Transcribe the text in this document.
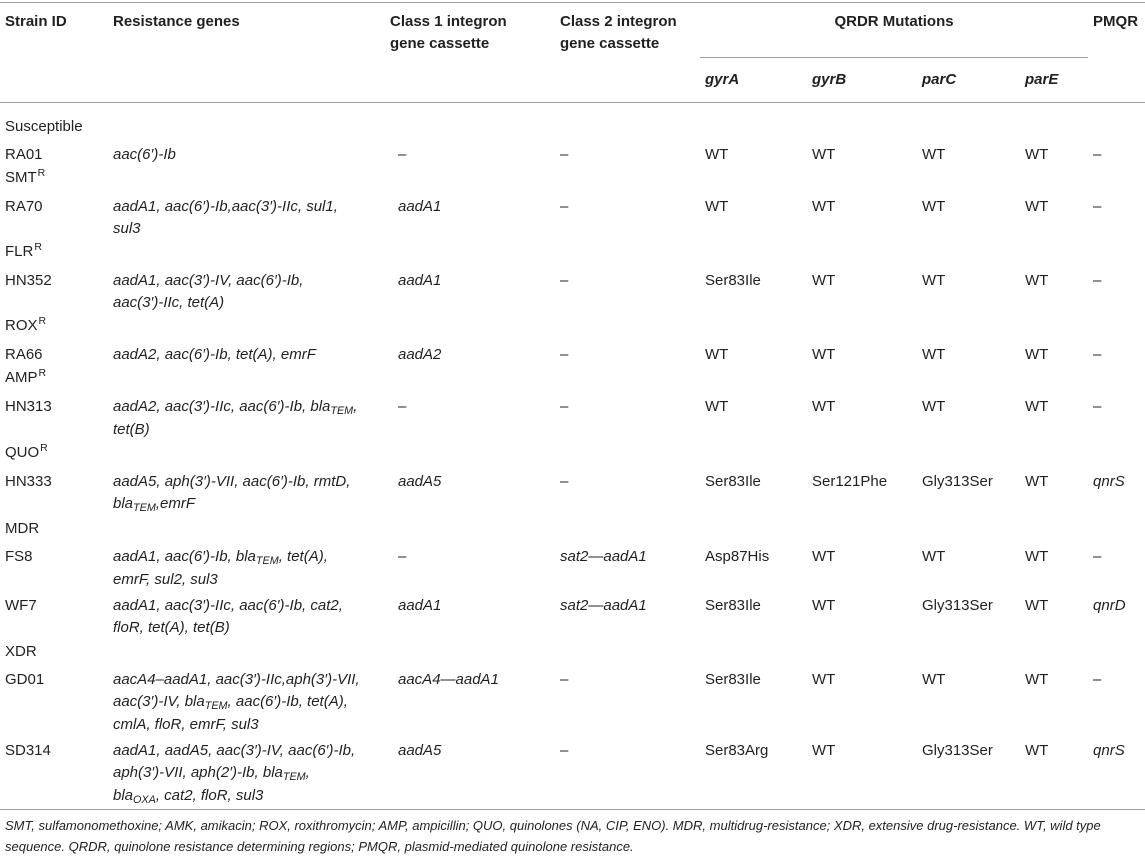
Strain ID	Resistance genes	Class 1 integron gene cassette	Class 2 integron gene cassette	QRDR Mutations				PMQR
				gyrA	gyrB	parC	parE	
Susceptible								
RA01	aac(6′)-Ib	–	–	WT	WT	WT	WT	–
$SMT^R$
RA70	aadA1, aac(6′)-Ib,aac(3′)-IIc, sul1,
sul3	aadA1	–	WT	WT	WT	WT	–
$FLR^R$
HN352	aadA1, aac(3′)-IV, aac(6′)-Ib,
aac(3′)-IIc, tet(A)	aadA1	–	Ser83Ile	WT	WT	WT	–
$ROX^R$
RA66	aadA2, aac(6′)-Ib, tet(A), emrF	aadA2	–	WT	WT	WT	WT	–
$AMP^R$
HN313	aadA2, aac(3′)-IIc, aac(6′)-Ib, bla$_{TEM}$,
tet(B)	–	–	WT	WT	WT	WT	–
$QUO^R$
HN333	aadA5, aph(3′)-VII, aac(6′)-Ib, rmtD,
bla$_{TEM}$,emrF	aadA5	–	Ser83Ile	Ser121Phe	Gly313Ser	WT	qnrS
MDR								
FS8	aadA1, aac(6′)-Ib, bla$_{TEM}$, tet(A),
emrF, sul2, sul3	–	sat2—aadA1	Asp87His	WT	WT	WT	–
WF7	aadA1, aac(3′)-IIc, aac(6′)-Ib, cat2,
floR, tet(A), tet(B)	aadA1	sat2—aadA1	Ser83Ile	WT	Gly313Ser	WT	qnrD
XDR								
GD01	aacA4–aadA1, aac(3′)-IIc,aph(3′)-VII,
aac(3′)-IV, bla$_{TEM}$, aac(6′)-Ib, tet(A),
cmlA, floR, emrF, sul3	aacA4—aadA1	–	Ser83Ile	WT	WT	WT	–
SD314	aadA1, aadA5, aac(3′)-IV, aac(6′)-Ib,
aph(3′)-VII, aph(2′)-Ib, bla$_{TEM}$,
bla$_{OXA}$, cat2, floR, sul3	aadA5	–	Ser83Arg	WT	Gly313Ser	WT	qnrS

SMT, sulfamonomethoxine; AMK, amikacin; ROX, roxithromycin; AMP, ampicillin; QUO, quinolones (NA, CIP, ENO). MDR, multidrug-resistance; XDR, extensive drug-resistance. WT, wild type sequence. QRDR, quinolone resistance determining regions; PMQR, plasmid-mediated quinolone resistance.
